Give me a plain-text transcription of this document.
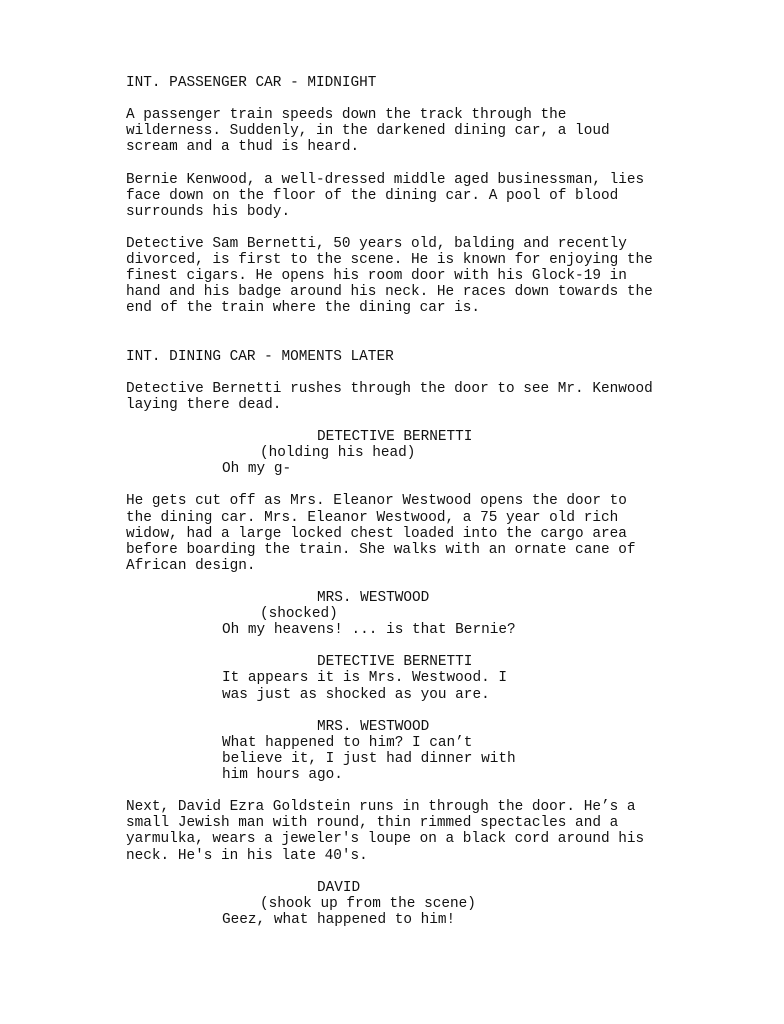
INT. PASSENGER CAR - MIDNIGHT
A passenger train speeds down the track through the
wilderness. Suddenly, in the darkened dining car, a loud
scream and a thud is heard.
Bernie Kenwood, a well-dressed middle aged businessman, lies
face down on the floor of the dining car. A pool of blood
surrounds his body.
Detective Sam Bernetti, 50 years old, balding and recently
divorced, is first to the scene. He is known for enjoying the
finest cigars. He opens his room door with his Glock-19 in
hand and his badge around his neck. He races down towards the
end of the train where the dining car is.
INT. DINING CAR - MOMENTS LATER
Detective Bernetti rushes through the door to see Mr. Kenwood
laying there dead.
DETECTIVE BERNETTI
(holding his head)
Oh my g-
He gets cut off as Mrs. Eleanor Westwood opens the door to
the dining car. Mrs. Eleanor Westwood, a 75 year old rich
widow, had a large locked chest loaded into the cargo area
before boarding the train. She walks with an ornate cane of
African design.
MRS. WESTWOOD
(shocked)
Oh my heavens! ... is that Bernie?
DETECTIVE BERNETTI
It appears it is Mrs. Westwood. I
was just as shocked as you are.
MRS. WESTWOOD
What happened to him? I can’t
believe it, I just had dinner with
him hours ago.
Next, David Ezra Goldstein runs in through the door. He’s a
small Jewish man with round, thin rimmed spectacles and a
yarmulka, wears a jeweler's loupe on a black cord around his
neck. He's in his late 40's.
DAVID
(shook up from the scene)
Geez, what happened to him!
